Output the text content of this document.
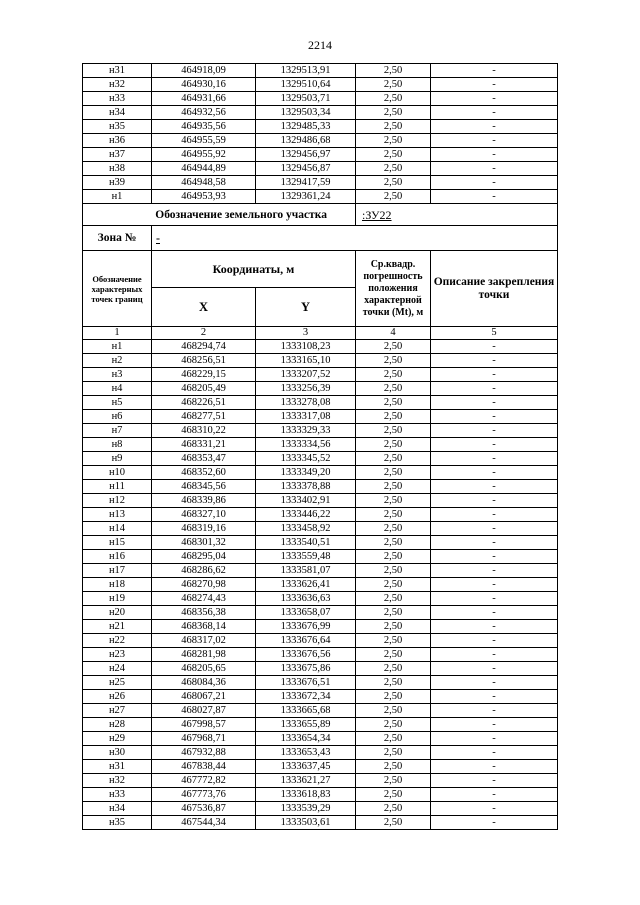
2214
н31	464918,09	1329513,91	2,50	-
н32	464930,16	1329510,64	2,50	-
н33	464931,66	1329503,71	2,50	-
н34	464932,56	1329503,34	2,50	-
н35	464935,56	1329485,33	2,50	-
н36	464955,59	1329486,68	2,50	-
н37	464955,92	1329456,97	2,50	-
н38	464944,89	1329456,87	2,50	-
н39	464948,58	1329417,59	2,50	-
н1	464953,93	1329361,24	2,50	-
Обозначение земельного участка			:ЗУ22	
Зона №	-			
Обозначение характерных точек границ	Координаты, м		Ср.квадр. погрешность положения характерной точки (Мt), м	Описание закрепления точки
	X	Y		
1	2	3	4	5
н1	468294,74	1333108,23	2,50	-
н2	468256,51	1333165,10	2,50	-
н3	468229,15	1333207,52	2,50	-
н4	468205,49	1333256,39	2,50	-
н5	468226,51	1333278,08	2,50	-
н6	468277,51	1333317,08	2,50	-
н7	468310,22	1333329,33	2,50	-
н8	468331,21	1333334,56	2,50	-
н9	468353,47	1333345,52	2,50	-
н10	468352,60	1333349,20	2,50	-
н11	468345,56	1333378,88	2,50	-
н12	468339,86	1333402,91	2,50	-
н13	468327,10	1333446,22	2,50	-
н14	468319,16	1333458,92	2,50	-
н15	468301,32	1333540,51	2,50	-
н16	468295,04	1333559,48	2,50	-
н17	468286,62	1333581,07	2,50	-
н18	468270,98	1333626,41	2,50	-
н19	468274,43	1333636,63	2,50	-
н20	468356,38	1333658,07	2,50	-
н21	468368,14	1333676,99	2,50	-
н22	468317,02	1333676,64	2,50	-
н23	468281,98	1333676,56	2,50	-
н24	468205,65	1333675,86	2,50	-
н25	468084,36	1333676,51	2,50	-
н26	468067,21	1333672,34	2,50	-
н27	468027,87	1333665,68	2,50	-
н28	467998,57	1333655,89	2,50	-
н29	467968,71	1333654,34	2,50	-
н30	467932,88	1333653,43	2,50	-
н31	467838,44	1333637,45	2,50	-
н32	467772,82	1333621,27	2,50	-
н33	467773,76	1333618,83	2,50	-
н34	467536,87	1333539,29	2,50	-
н35	467544,34	1333503,61	2,50	-
